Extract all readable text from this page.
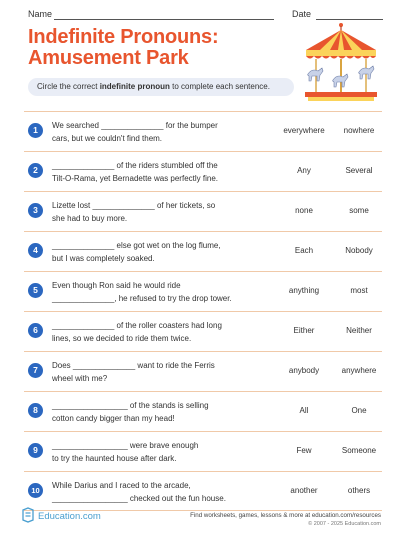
Name	Date
Indefinite Pronouns:
Amusement Park
Circle the correct indefinite pronoun to complete each sentence.
1	We searched ______________ for the bumper
cars, but we couldn't find them.
everywhere	nowhere
2	______________ of the riders stumbled off the
Tilt-O-Rama, yet Bernadette was perfectly fine.
Any	Several
3	Lizette lost ______________ of her tickets, so
she had to buy more.
none	some
4	______________ else got wet on the log flume,
but I was completely soaked.
Each	Nobody
5	Even though Ron said he would ride
______________, he refused to try the drop tower.
anything	most
6	______________ of the roller coasters had long
lines, so we decided to ride them twice.
Either	Neither
7	Does ______________ want to ride the Ferris
wheel with me?
anybody	anywhere
8	_________________ of the stands is selling
cotton candy bigger than my head!
All	One
9	_________________ were brave enough
to try the haunted house after dark.
Few	Someone
10
While Darius and I raced to the arcade,
_________________ checked out the fun house.
another	others
Education.com	Find worksheets, games, lessons & more at education.com/resources
© 2007 - 2025 Education.com
